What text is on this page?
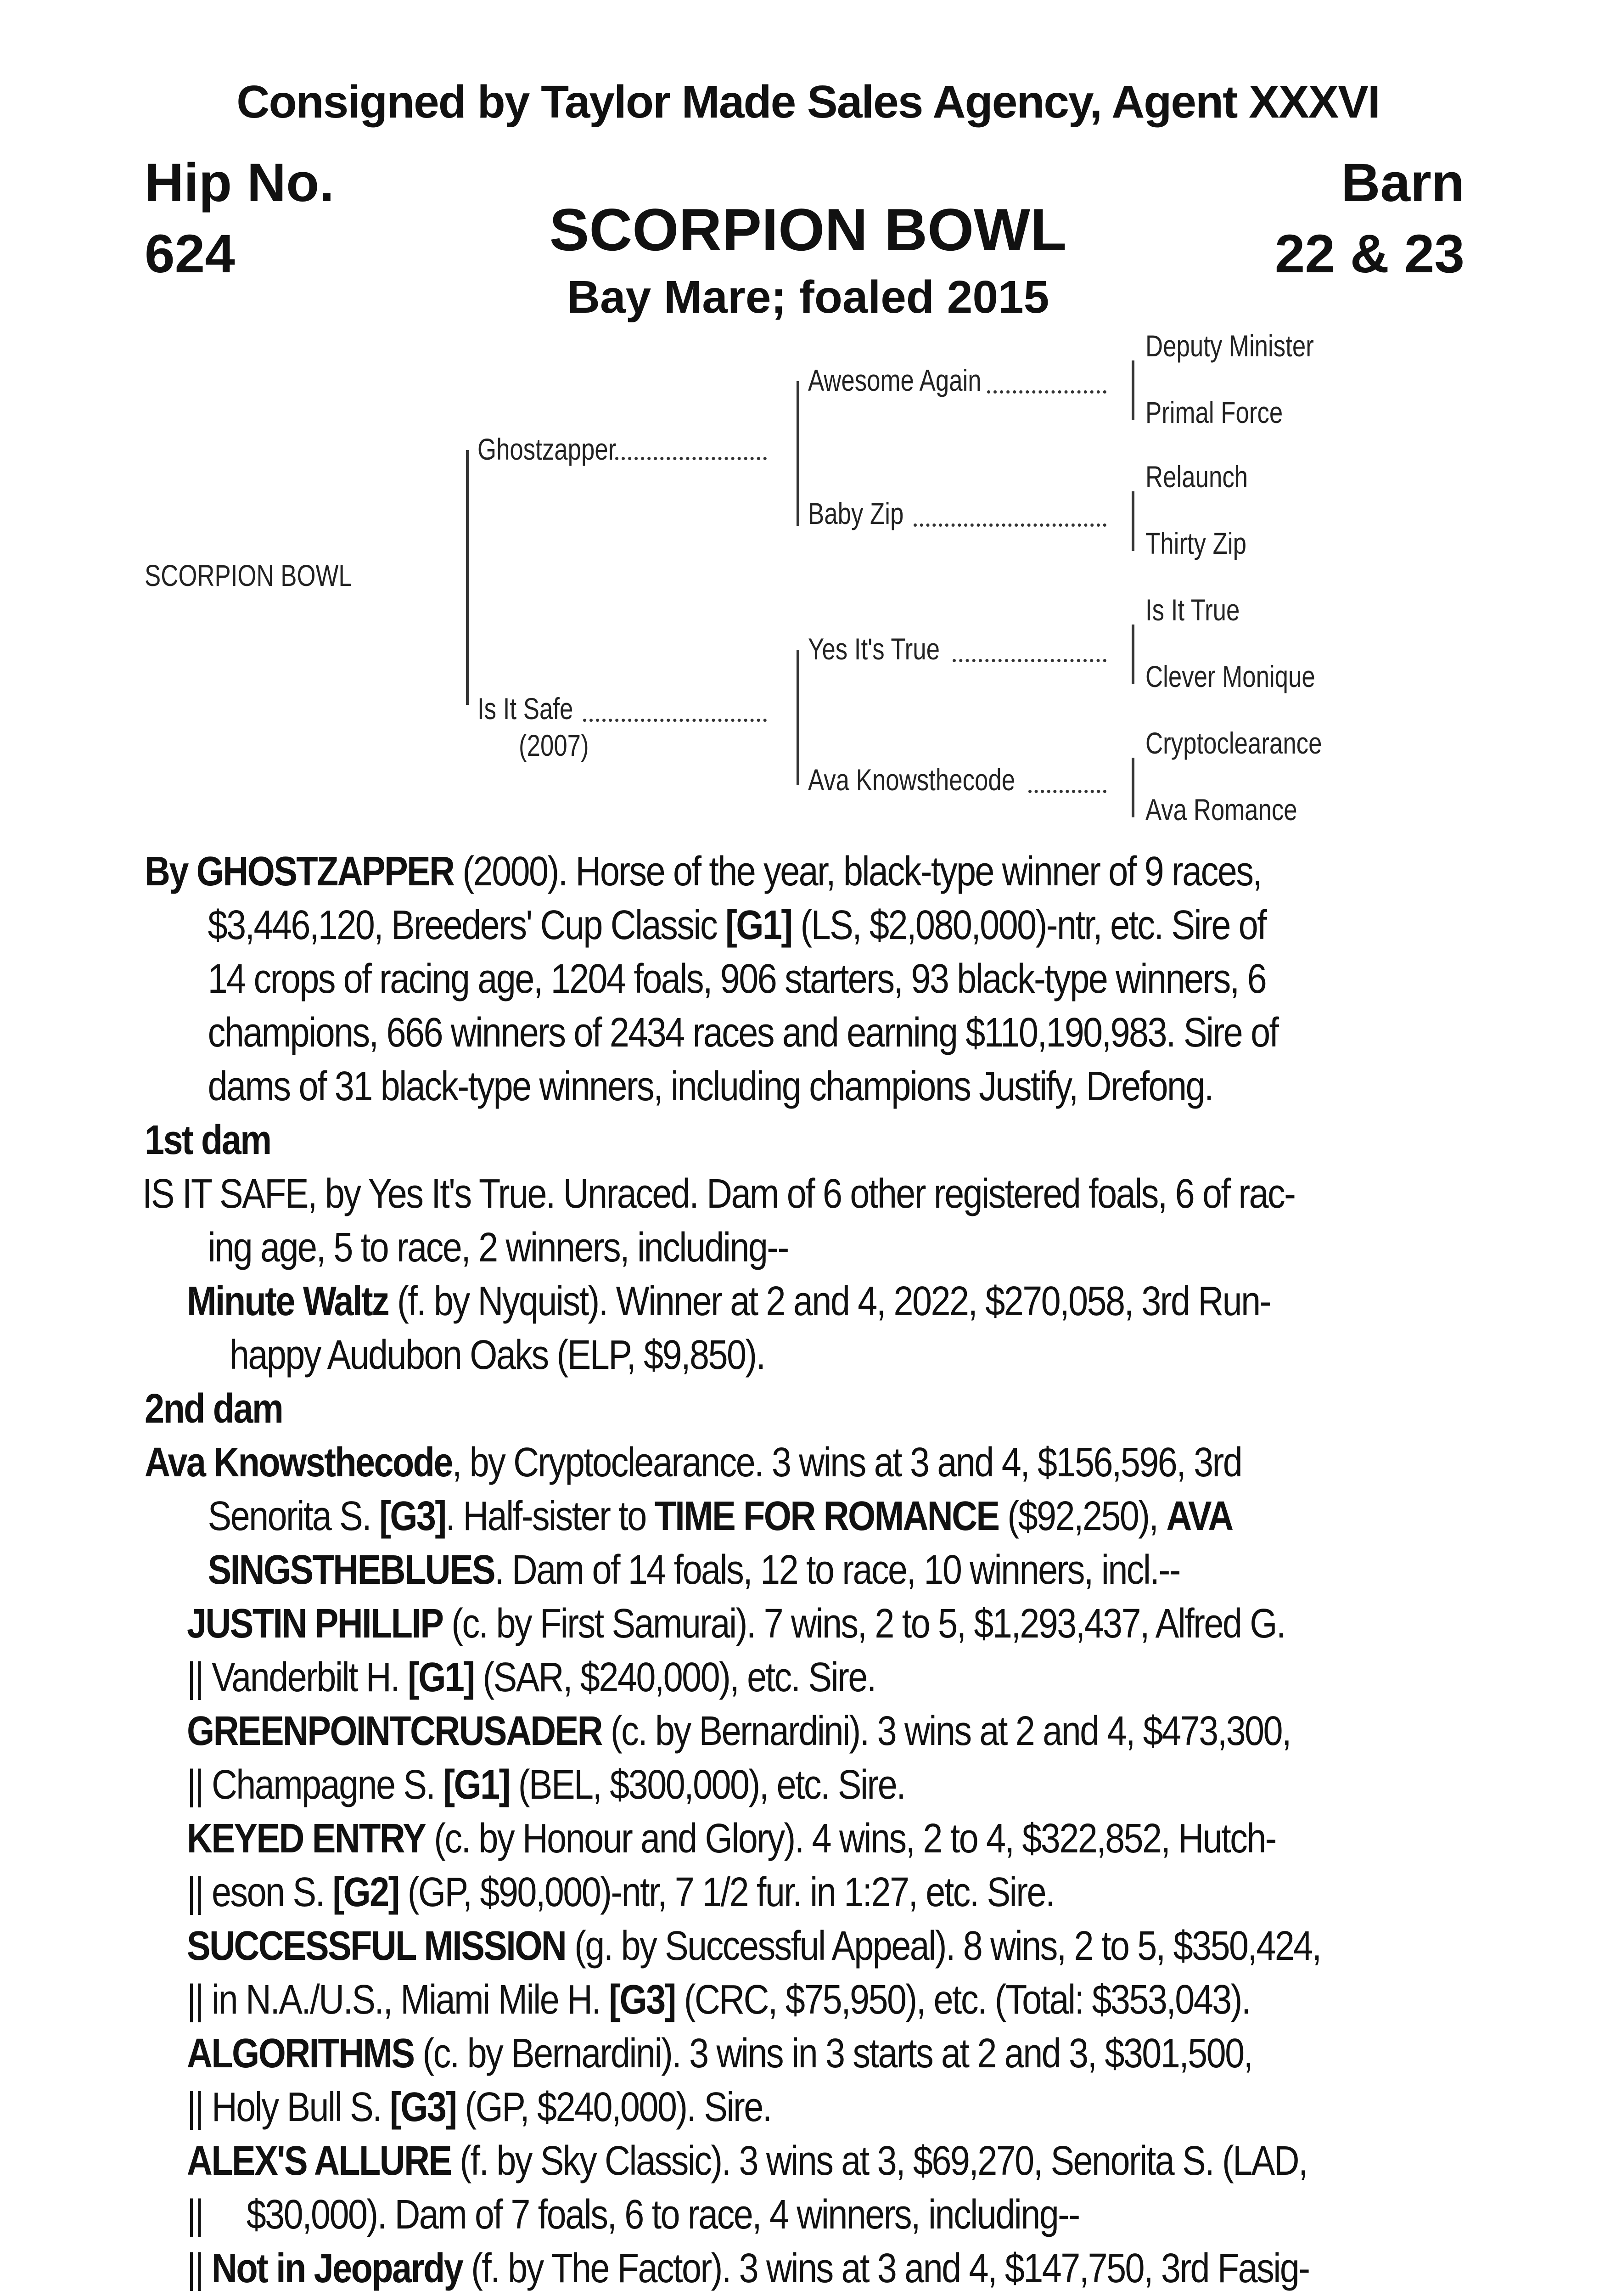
Consigned by Taylor Made Sales Agency, Agent XXXVI
Hip No.
624
Barn
22 & 23
SCORPION BOWL
Bay Mare; foaled 2015
SCORPION BOWL
Ghostzapper
Is It Safe
(2007)
Awesome Again
Baby Zip
Yes It's True
Ava Knowsthecode
Deputy Minister
Primal Force
Relaunch
Thirty Zip
Is It True
Clever Monique
Cryptoclearance
Ava Romance
By GHOSTZAPPER (2000). Horse of the year, black-type winner of 9 races,
$3,446,120, Breeders' Cup Classic [G1] (LS, $2,080,000)-ntr, etc. Sire of
14 crops of racing age, 1204 foals, 906 starters, 93 black-type winners, 6
champions, 666 winners of 2434 races and earning $110,190,983. Sire of
dams of 31 black-type winners, including champions Justify, Drefong.
1st dam
IS IT SAFE, by Yes It's True. Unraced. Dam of 6 other registered foals, 6 of rac-
ing age, 5 to race, 2 winners, including--
Minute Waltz (f. by Nyquist). Winner at 2 and 4, 2022, $270,058, 3rd Run-
happy Audubon Oaks (ELP, $9,850).
2nd dam
Ava Knowsthecode, by Cryptoclearance. 3 wins at 3 and 4, $156,596, 3rd
Senorita S. [G3]. Half-sister to TIME FOR ROMANCE ($92,250), AVA
SINGSTHEBLUES. Dam of 14 foals, 12 to race, 10 winners, incl.--
JUSTIN PHILLIP (c. by First Samurai). 7 wins, 2 to 5, $1,293,437, Alfred G.
|| Vanderbilt H. [G1] (SAR, $240,000), etc. Sire.
GREENPOINTCRUSADER (c. by Bernardini). 3 wins at 2 and 4, $473,300,
|| Champagne S. [G1] (BEL, $300,000), etc. Sire.
KEYED ENTRY (c. by Honour and Glory). 4 wins, 2 to 4, $322,852, Hutch-
|| eson S. [G2] (GP, $90,000)-ntr, 7 1/2 fur. in 1:27, etc. Sire.
SUCCESSFUL MISSION (g. by Successful Appeal). 8 wins, 2 to 5, $350,424,
|| in N.A./U.S., Miami Mile H. [G3] (CRC, $75,950), etc. (Total: $353,043).
ALGORITHMS (c. by Bernardini). 3 wins in 3 starts at 2 and 3, $301,500,
|| Holy Bull S. [G3] (GP, $240,000). Sire.
ALEX'S ALLURE (f. by Sky Classic). 3 wins at 3, $69,270, Senorita S. (LAD,
||     $30,000). Dam of 7 foals, 6 to race, 4 winners, including--
|| Not in Jeopardy (f. by The Factor). 3 wins at 3 and 4, $147,750, 3rd Fasig-
